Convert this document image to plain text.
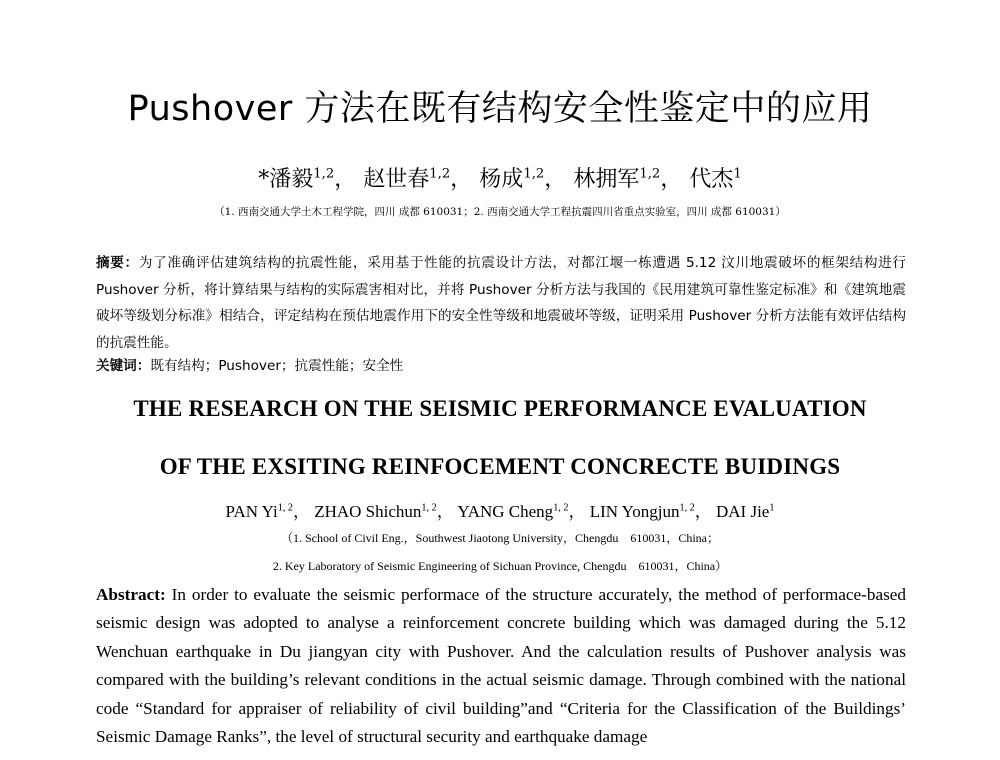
Pushover 方法在既有结构安全性鉴定中的应用
*潘毅$^{1,2}$， 赵世春$^{1,2}$， 杨成$^{1,2}$， 林拥军$^{1,2}$， 代杰$^1$
（1. 西南交通大学土木工程学院，四川 成都 610031；2. 西南交通大学工程抗震四川省重点实验室，四川 成都 610031）
摘要：为了准确评估建筑结构的抗震性能，采用基于性能的抗震设计方法，对都江堰一栋遭遇 5.12 汶川地震破坏的框架结构进行 Pushover 分析，将计算结果与结构的实际震害相对比，并将 Pushover 分析方法与我国的《民用建筑可靠性鉴定标准》和《建筑地震破坏等级划分标准》相结合，评定结构在预估地震作用下的安全性等级和地震破坏等级，证明采用 Pushover 分析方法能有效评估结构的抗震性能。
关键词：既有结构；Pushover；抗震性能；安全性
THE RESEARCH ON THE SEISMIC PERFORMANCE EVALUATION
OF THE EXSITING REINFOCEMENT CONCRECTE BUIDINGS
PAN Yi$^{1, 2}$， ZHAO Shichun$^{1, 2}$， YANG Cheng$^{1, 2}$， LIN Yongjun$^{1, 2}$， DAI Jie$^1$
（1. School of Civil Eng.，Southwest Jiaotong University，Chengdu　610031，China；
2. Key Laboratory of Seismic Engineering of Sichuan Province, Chengdu　610031，China）
Abstract: In order to evaluate the seismic performace of the structure accurately, the method of performace-based seismic design was adopted to analyse a reinforcement concrete building which was damaged during the 5.12 Wenchuan earthquake in Du jiangyan city with Pushover. And the calculation results of Pushover analysis was compared with the building’s relevant conditions in the actual seismic damage. Through combined with the national code “Standard for appraiser of reliability of civil building”and “Criteria for the Classification of the Buildings’ Seismic Damage Ranks”, the level of structural security and earthquake damage
